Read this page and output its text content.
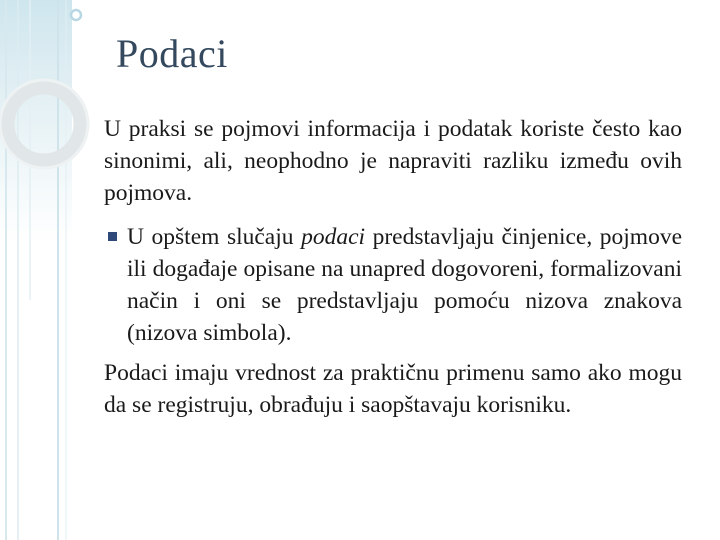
Podaci

U praksi se pojmovi informacija i podatak koriste često kao sinonimi, ali, neophodno je napraviti razliku između ovih pojmova.

U opštem slučaju podaci predstavljaju činjenice, pojmove ili događaje opisane na unapred dogovoreni, formalizovani način i oni se predstavljaju pomoću nizova znakova (nizova simbola).

Podaci imaju vrednost za praktičnu primenu samo ako mogu da se registruju, obrađuju i saopštavaju korisniku.
